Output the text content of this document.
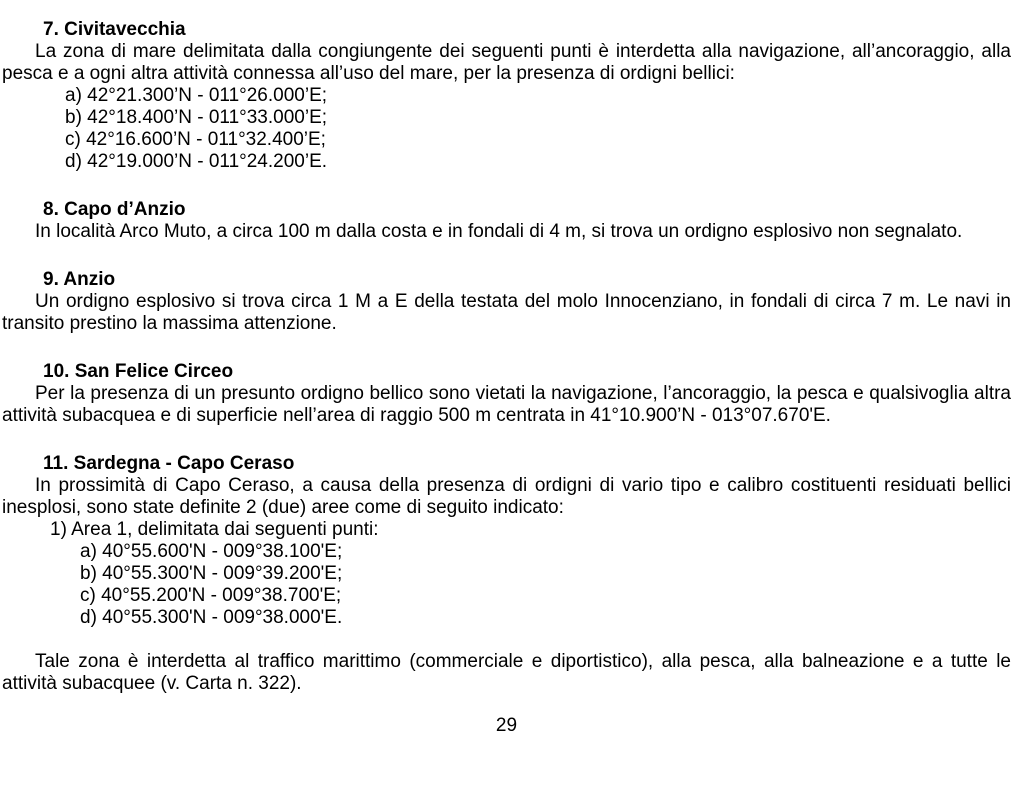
7. Civitavecchia

La zona di mare delimitata dalla congiungente dei seguenti punti è interdetta alla navigazione, all’ancoraggio, alla pesca e a ogni altra attività connessa all’uso del mare, per la presenza di ordigni bellici:

a) 42°21.300’N - 011°26.000’E;
b) 42°18.400’N - 011°33.000’E;
c) 42°16.600’N - 011°32.400’E;
d) 42°19.000’N - 011°24.200’E.
8. Capo d’Anzio

In località Arco Muto, a circa 100 m dalla costa e in fondali di 4 m, si trova un ordigno esplosivo non segnalato.

9. Anzio

Un ordigno esplosivo si trova circa 1 M a E della testata del molo Innocenziano, in fondali di circa 7 m. Le navi in transito prestino la massima attenzione.

10. San Felice Circeo

Per la presenza di un presunto ordigno bellico sono vietati la navigazione, l’ancoraggio, la pesca e qualsivoglia altra attività subacquea e di superficie nell’area di raggio 500 m centrata in 41°10.900’N - 013°07.670'E.

11. Sardegna - Capo Ceraso

In prossimità di Capo Ceraso, a causa della presenza di ordigni di vario tipo e calibro costituenti residuati bellici inesplosi, sono state definite 2 (due) aree come di seguito indicato:

1) Area 1, delimitata dai seguenti punti:
a) 40°55.600'N - 009°38.100'E;
b) 40°55.300'N - 009°39.200'E;
c) 40°55.200'N - 009°38.700'E;
d) 40°55.300'N - 009°38.000'E.

Tale zona è interdetta al traffico marittimo (commerciale e diportistico), alla pesca, alla balneazione e a tutte le attività subacquee (v. Carta n. 322).

29
